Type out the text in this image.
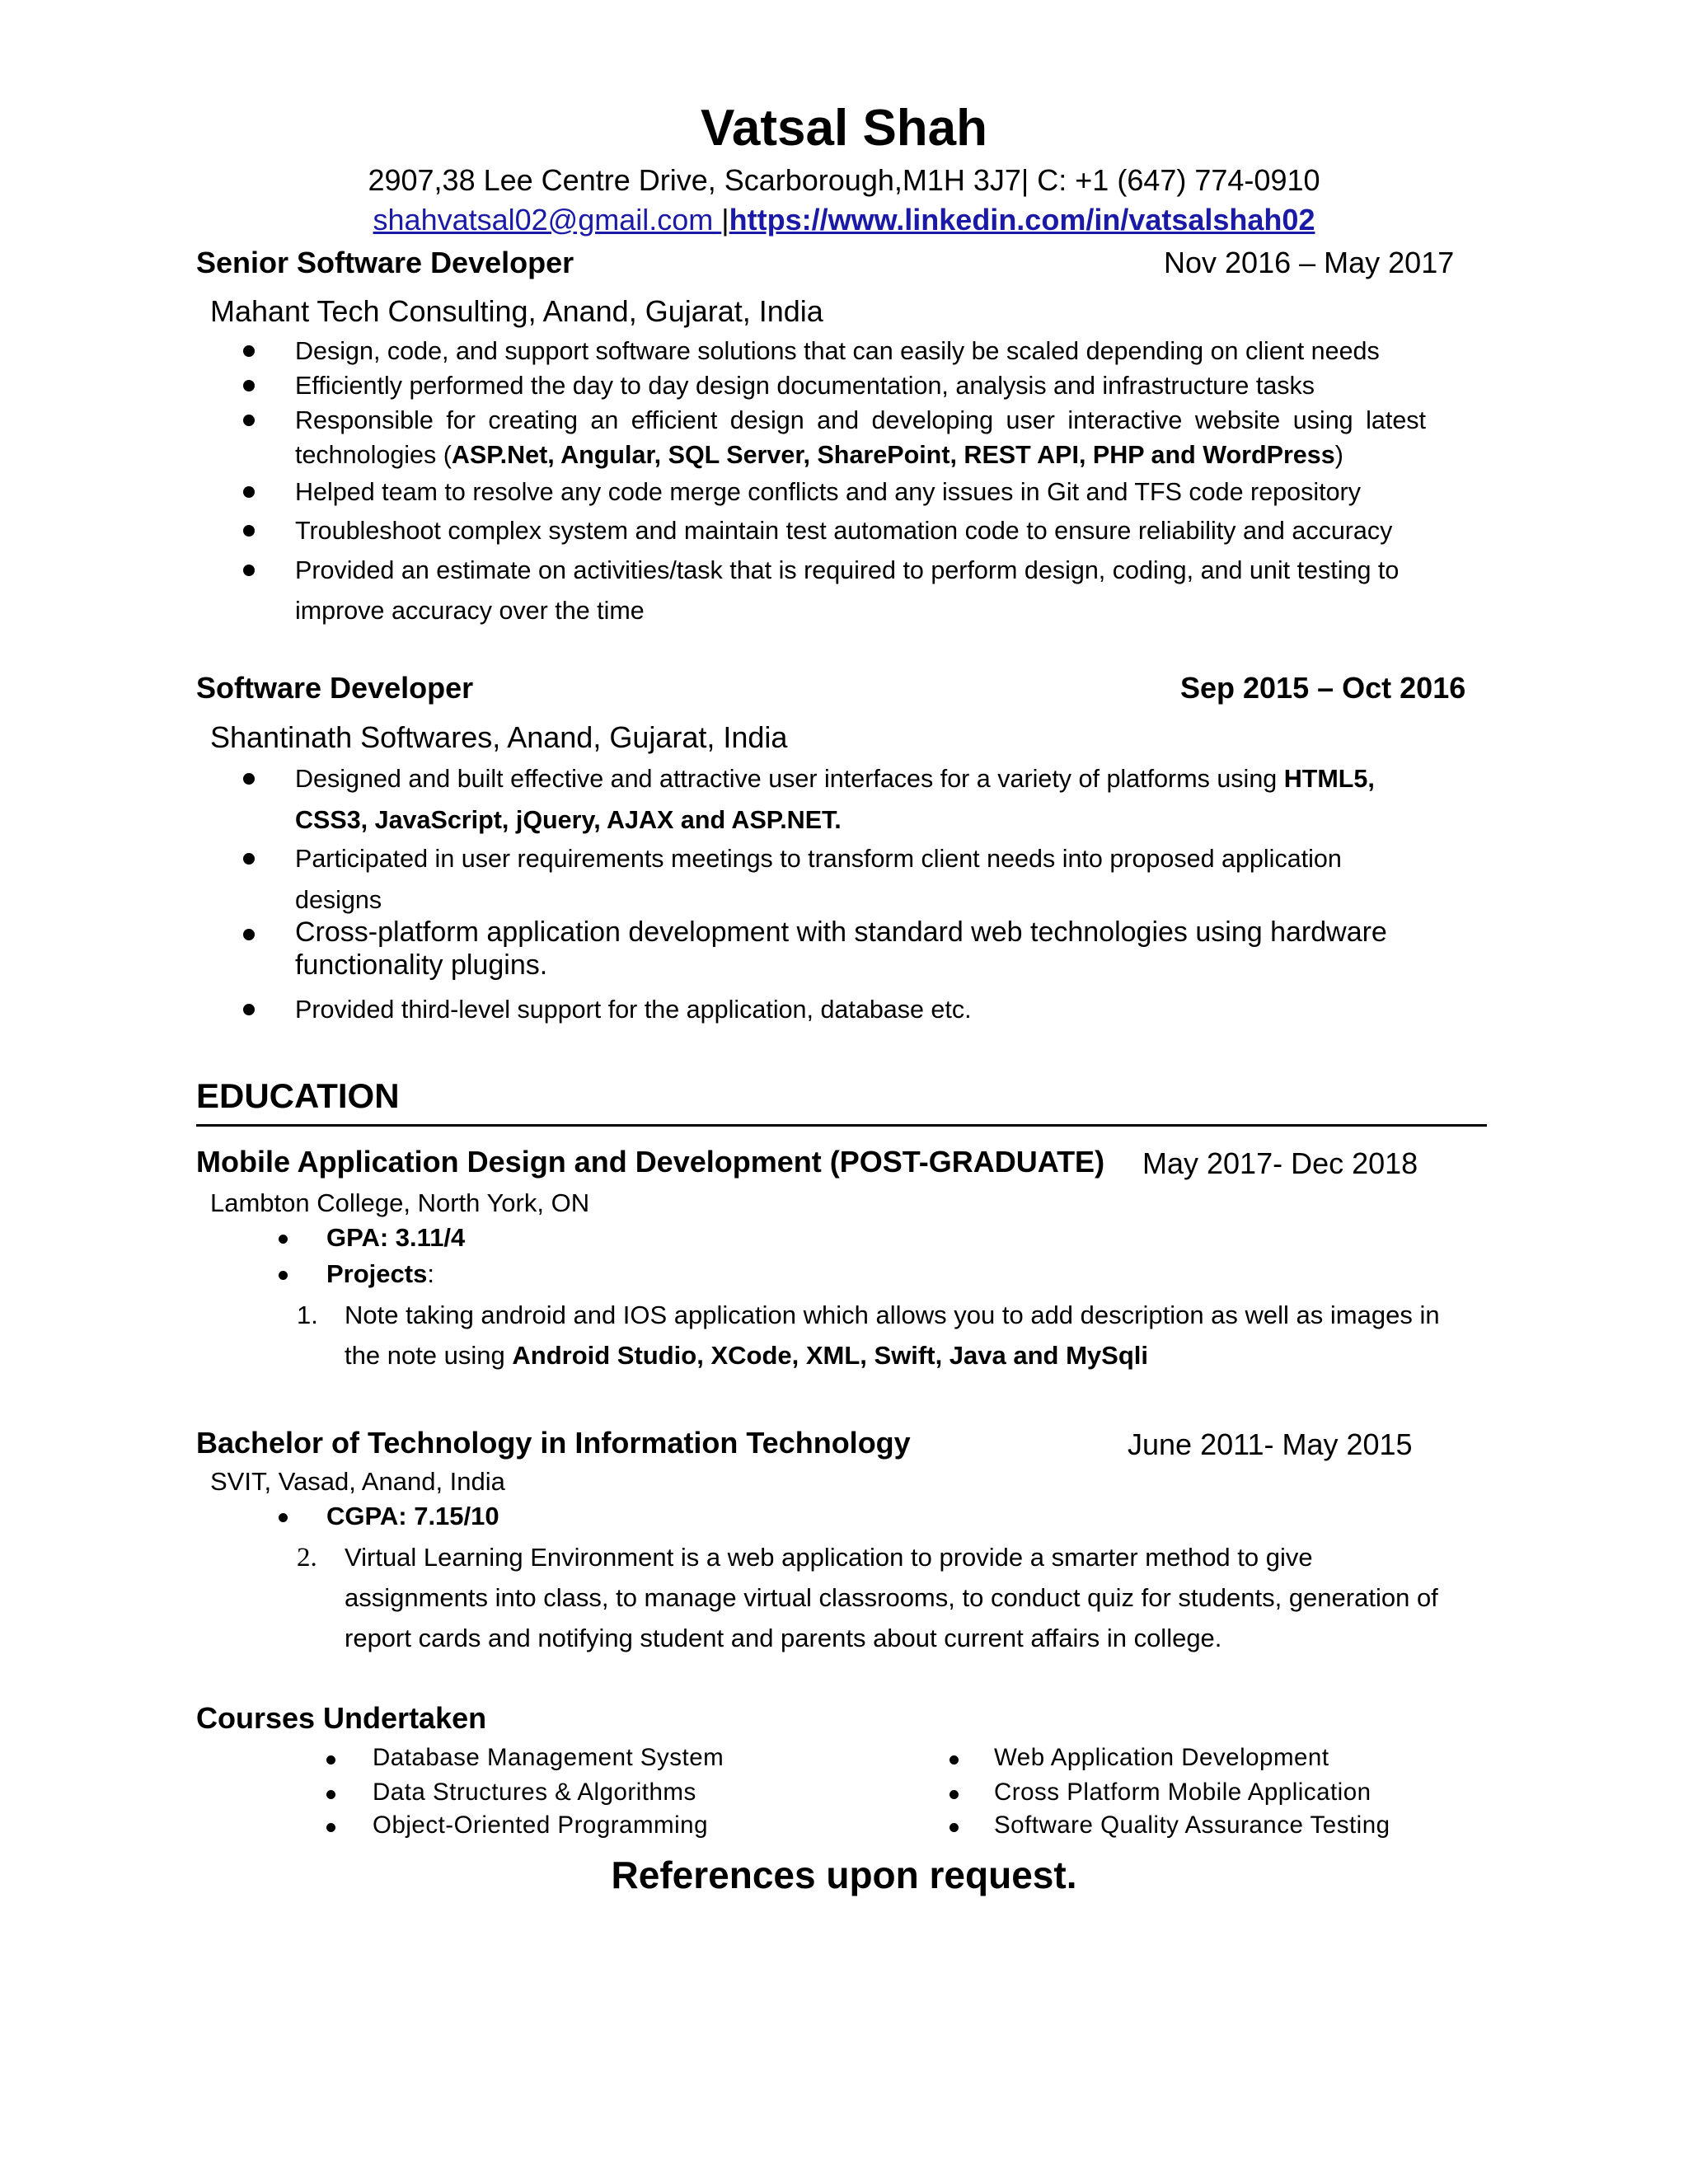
Vatsal Shah
2907,38 Lee Centre Drive, Scarborough,M1H 3J7| C: +1 (647) 774-0910
shahvatsal02@gmail.com |https://www.linkedin.com/in/vatsalshah02
Senior Software Developer	Nov 2016 – May 2017
Mahant Tech Consulting, Anand, Gujarat, India
Design, code, and support software solutions that can easily be scaled depending on client needs
Efficiently performed the day to day design documentation, analysis and infrastructure tasks
Responsible for creating an efficient design and developing user interactive website using latest
technologies (ASP.Net, Angular, SQL Server, SharePoint, REST API, PHP and WordPress)
Helped team to resolve any code merge conflicts and any issues in Git and TFS code repository
Troubleshoot complex system and maintain test automation code to ensure reliability and accuracy
Provided an estimate on activities/task that is required to perform design, coding, and unit testing to
improve accuracy over the time
Software Developer	Sep 2015 – Oct 2016
Shantinath Softwares, Anand, Gujarat, India
Designed and built effective and attractive user interfaces for a variety of platforms using HTML5,
CSS3, JavaScript, jQuery, AJAX and ASP.NET.
Participated in user requirements meetings to transform client needs into proposed application
designs
Cross-platform application development with standard web technologies using hardware
functionality plugins.
Provided third-level support for the application, database etc.
EDUCATION
Mobile Application Design and Development (POST-GRADUATE) May 2017- Dec 2018
Lambton College, North York, ON
GPA: 3.11/4
Projects:
1. Note taking android and IOS application which allows you to add description as well as images in
the note using Android Studio, XCode, XML, Swift, Java and MySqli
Bachelor of Technology in Information Technology	June 2011- May 2015
SVIT, Vasad, Anand, India
CGPA: 7.15/10
2. Virtual Learning Environment is a web application to provide a smarter method to give
assignments into class, to manage virtual classrooms, to conduct quiz for students, generation of
report cards and notifying student and parents about current affairs in college.
Courses Undertaken
Database Management System
Data Structures & Algorithms
Object-Oriented Programming
Web Application Development
Cross Platform Mobile Application
Software Quality Assurance Testing
References upon request.
